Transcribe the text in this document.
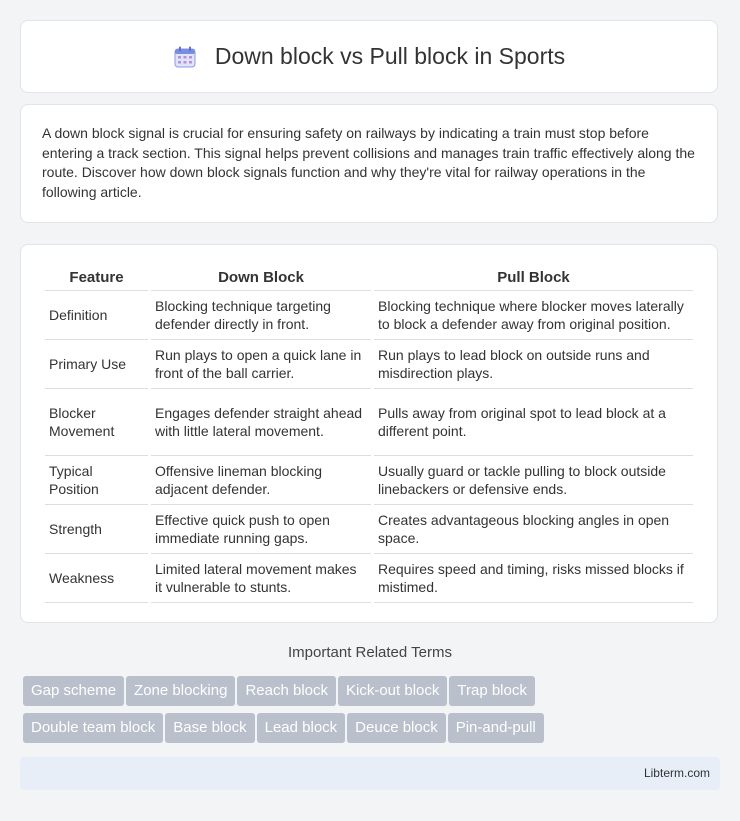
Down block vs Pull block in Sports

A down block signal is crucial for ensuring safety on railways by indicating a train must stop before entering a track section. This signal helps prevent collisions and manages train traffic effectively along the route. Discover how down block signals function and why they're vital for railway operations in the following article.

Feature	Down Block	Pull Block
Definition	Blocking technique targeting defender directly in front.	Blocking technique where blocker moves laterally to block a defender away from original position.
Primary Use	Run plays to open a quick lane in front of the ball carrier.	Run plays to lead block on outside runs and misdirection plays.
Blocker Movement	Engages defender straight ahead with little lateral movement.	Pulls away from original spot to lead block at a different point.
Typical Position	Offensive lineman blocking adjacent defender.	Usually guard or tackle pulling to block outside linebackers or defensive ends.
Strength	Effective quick push to open immediate running gaps.	Creates advantageous blocking angles in open space.
Weakness	Limited lateral movement makes it vulnerable to stunts.	Requires speed and timing, risks missed blocks if mistimed.
Important Related Terms
Gap scheme Zone blocking Reach block Kick-out block Trap block
Double team block Base block Lead block Deuce block Pin-and-pull
Libterm.com
